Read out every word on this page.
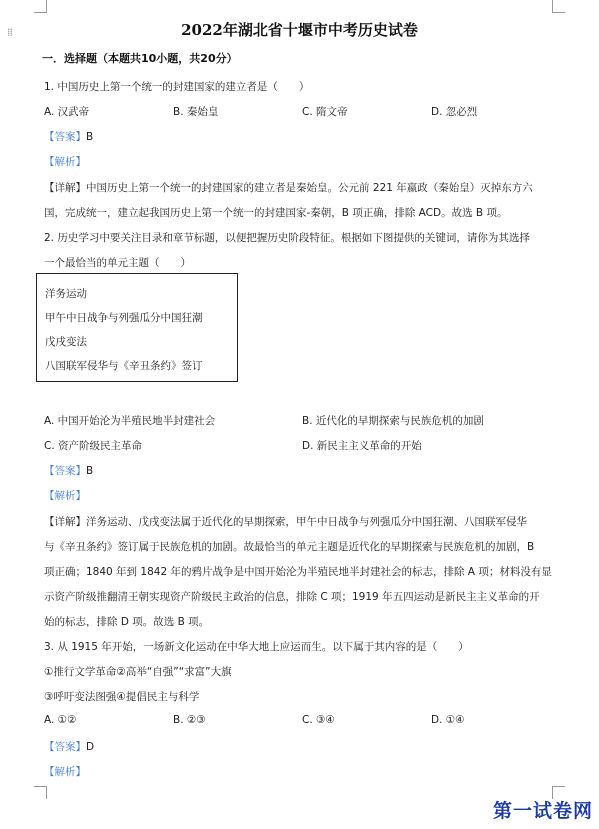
⁞⁞	2022年湖北省十堰市中考历史试卷
一．选择题（本题共10小题，共20分）
1. 中国历史上第一个统一的封建国家的建立者是（　　）
A. 汉武帝	B. 秦始皇	C. 隋文帝	D. 忽必烈
【答案】B
【解析】
【详解】中国历史上第一个统一的封建国家的建立者是秦始皇。公元前 221 年嬴政（秦始皇）灭掉东方六
国，完成统一，建立起我国历史上第一个统一的封建国家-秦朝，B 项正确，排除 ACD。故选 B 项。
2. 历史学习中要关注目录和章节标题，以便把握历史阶段特征。根据如下图提供的关键词，请你为其选择
一个最恰当的单元主题（　　）
洋务运动
甲午中日战争与列强瓜分中国狂潮
戊戌变法
八国联军侵华与《辛丑条约》签订
A. 中国开始沦为半殖民地半封建社会	B. 近代化的早期探索与民族危机的加剧
C. 资产阶级民主革命	D. 新民主主义革命的开始
【答案】B
【解析】
【详解】洋务运动、戊戌变法属于近代化的早期探索，甲午中日战争与列强瓜分中国狂潮、八国联军侵华
与《辛丑条约》签订属于民族危机的加剧。故最恰当的单元主题是近代化的早期探索与民族危机的加剧，B
项正确；1840 年到 1842 年的鸦片战争是中国开始沦为半殖民地半封建社会的标志，排除 A 项；材料没有显
示资产阶级推翻清王朝实现资产阶级民主政治的信息，排除 C 项；1919 年五四运动是新民主主义革命的开
始的标志，排除 D 项。故选 B 项。
3. 从 1915 年开始，一场新文化运动在中华大地上应运而生。以下属于其内容的是（　　）
①推行文学革命②高举“自强”“求富”大旗
③呼吁变法图强④提倡民主与科学
A. ①②	B. ②③	C. ③④	D. ①④
【答案】D
【解析】
第一试卷网
